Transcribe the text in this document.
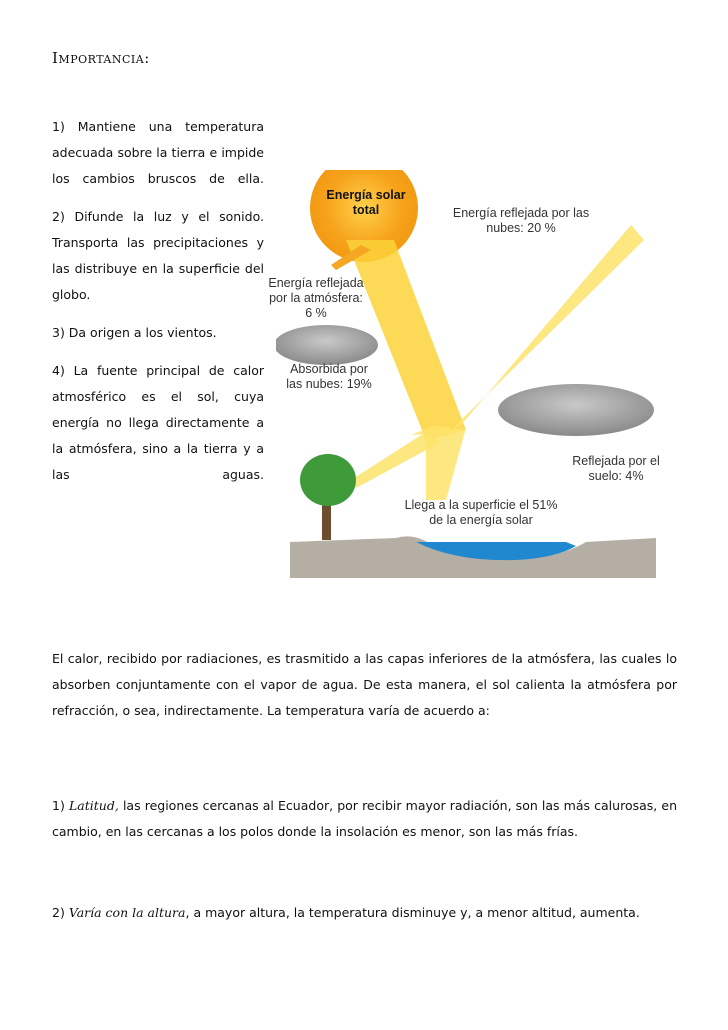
Importancia:

1) Mantiene una temperatura adecuada sobre la tierra e impide los cambios bruscos de ella.

2) Difunde la luz y el sonido. Transporta las precipitaciones y las distribuye en la superficie del globo.

3) Da origen a los vientos.

4) La fuente principal de calor atmosférico es el sol, cuya energía no llega directamente a la atmósfera, sino a la tierra y a las aguas.

Energía solar total	Energía reflejada por las nubes: 20 %
Energía reflejada por la atmósfera: 6 %
Absorbida por las nubes: 19%
Reflejada por el suelo: 4%
Llega a la superficie el 51% de la energía solar

El calor, recibido por radiaciones, es trasmitido a las capas inferiores de la atmósfera, las cuales lo absorben conjuntamente con el vapor de agua. De esta manera, el sol calienta la atmósfera por refracción, o sea, indirectamente. La temperatura varía de acuerdo a:

1) Latitud, las regiones cercanas al Ecuador, por recibir mayor radiación, son las más calurosas, en cambio, en las cercanas a los polos donde la insolación es menor, son las más frías.

2) Varía con la altura, a mayor altura, la temperatura disminuye y, a menor altitud, aumenta.
